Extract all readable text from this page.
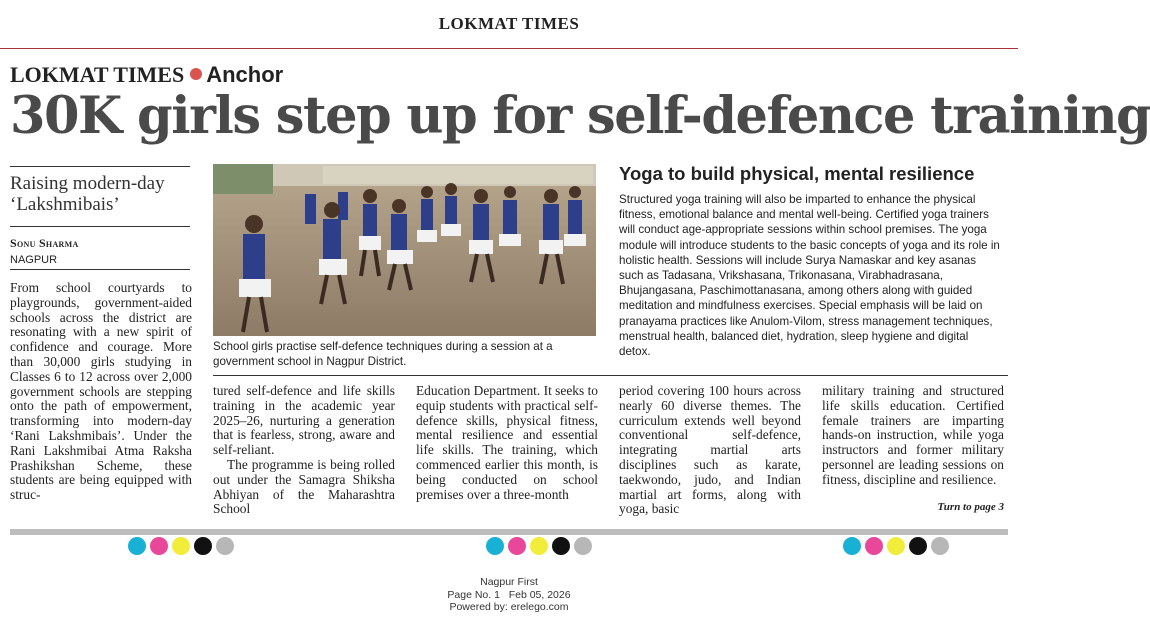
LOKMAT TIMES
LOKMAT TIMES Anchor
30K girls step up for self-defence training
Raising modern-day ‘Lakshmibais’
Sonu Sharma
NAGPUR

From school courtyards to playgrounds, government-aided schools across the district are resonating with a new spirit of confidence and courage. More than 30,000 girls studying in Classes 6 to 12 across over 2,000 government schools are stepping onto the path of empowerment, transforming into modern-day ‘Rani Lakshmibais’. Under the Rani Lakshmibai Atma Raksha Prashikshan Scheme, these students are being equipped with struc-

School girls practise self-defence techniques during a session at a government school in Nagpur District.
Yoga to build physical, mental resilience
Structured yoga training will also be imparted to enhance the physical fitness, emotional balance and mental well-being. Certified yoga trainers will conduct age-appropriate sessions within school premises. The yoga module will introduce students to the basic concepts of yoga and its role in holistic health. Sessions will include Surya Namaskar and key asanas such as Tadasana, Vrikshasana, Trikonasana, Virabhadrasana, Bhujangasana, Paschimottanasana, among others along with guided meditation and mindfulness exercises. Special emphasis will be laid on pranayama practices like Anulom-Vilom, stress management techniques, menstrual health, balanced diet, hydration, sleep hygiene and digital detox.

tured self-defence and life skills training in the academic year 2025–26, nurturing a generation that is fearless, strong, aware and self-reliant.

The programme is being rolled out under the Samagra Shiksha Abhiyan of the Maharashtra School

Education Department. It seeks to equip students with practical self-defence skills, physical fitness, mental resilience and essential life skills. The training, which commenced earlier this month, is being conducted on school premises over a three-month

period covering 100 hours across nearly 60 diverse themes. The curriculum extends well beyond conventional self-defence, integrating martial arts disciplines such as karate, taekwondo, judo, and Indian martial art forms, along with yoga, basic

military training and structured life skills education. Certified female trainers are imparting hands-on instruction, while yoga instructors and former military personnel are leading sessions on fitness, discipline and resilience.

Turn to page 3
Nagpur First
Page No. 1   Feb 05, 2026
Powered by: erelego.com
